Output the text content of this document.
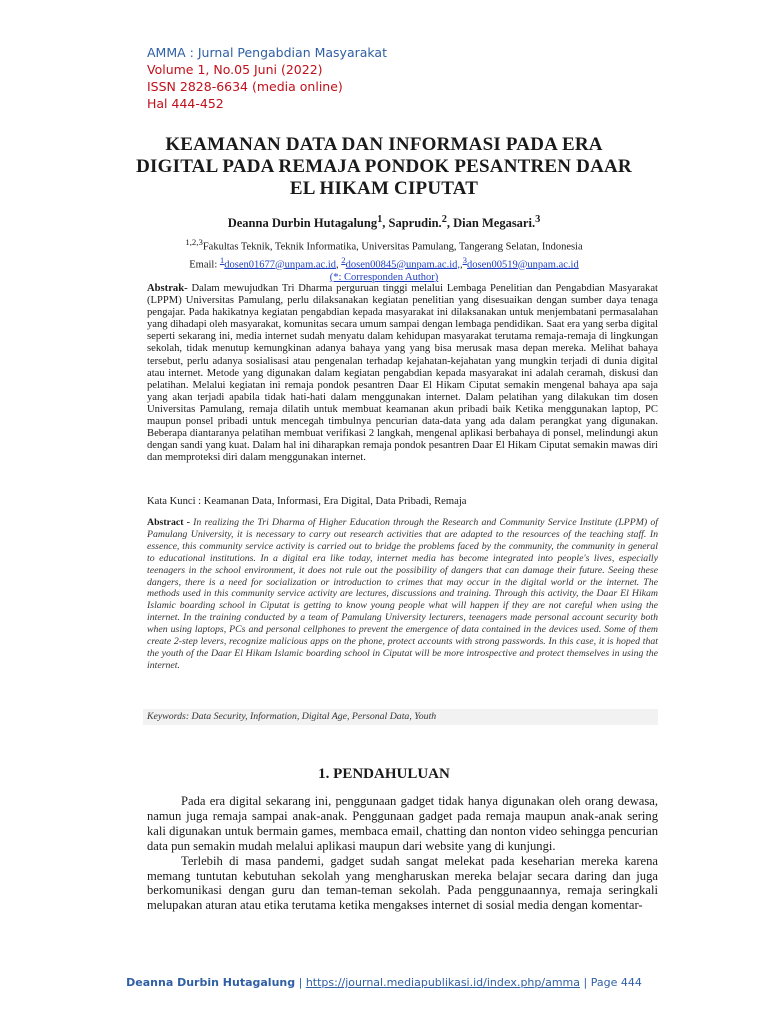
AMMA : Jurnal Pengabdian Masyarakat
Volume 1, No.05 Juni (2022)
ISSN 2828-6634 (media online)
Hal 444-452
KEAMANAN DATA DAN INFORMASI PADA ERA
DIGITAL PADA REMAJA PONDOK PESANTREN DAAR
EL HIKAM CIPUTAT
Deanna Durbin Hutagalung$^1$, Saprudin.$^2$, Dian Megasari.$^3$
$^{1,2,3}$Fakultas Teknik, Teknik Informatika, Universitas Pamulang, Tangerang Selatan, Indonesia
Email: $^1$dosen01677@unpam.ac.id, $^2$dosen00845@unpam.ac.id,,$^3$dosen00519@unpam.ac.id
(*: Corresponden Author)
Abstrak- Dalam mewujudkan Tri Dharma perguruan tinggi melalui Lembaga Penelitian dan Pengabdian Masyarakat (LPPM) Universitas Pamulang, perlu dilaksanakan kegiatan penelitian yang disesuaikan dengan sumber daya tenaga pengajar. Pada hakikatnya kegiatan pengabdian kepada masyarakat ini dilaksanakan untuk menjembatani permasalahan yang dihadapi oleh masyarakat, komunitas secara umum sampai dengan lembaga pendidikan. Saat era yang serba digital seperti sekarang ini, media internet sudah menyatu dalam kehidupan masyarakat terutama remaja-remaja di lingkungan sekolah, tidak menutup kemungkinan adanya bahaya yang yang bisa merusak masa depan mereka. Melihat bahaya tersebut, perlu adanya sosialisasi atau pengenalan terhadap kejahatan-kejahatan yang mungkin terjadi di dunia digital atau internet. Metode yang digunakan dalam kegiatan pengabdian kepada masyarakat ini adalah ceramah, diskusi dan pelatihan. Melalui kegiatan ini remaja pondok pesantren Daar El Hikam Ciputat semakin mengenal bahaya apa saja yang akan terjadi apabila tidak hati-hati dalam menggunakan internet. Dalam pelatihan yang dilakukan tim dosen Universitas Pamulang, remaja dilatih untuk membuat keamanan akun pribadi baik Ketika menggunakan laptop, PC maupun ponsel pribadi untuk mencegah timbulnya pencurian data-data yang ada dalam perangkat yang digunakan. Beberapa diantaranya pelatihan membuat verifikasi 2 langkah, mengenal aplikasi berbahaya di ponsel, melindungi akun dengan sandi yang kuat. Dalam hal ini diharapkan remaja pondok pesantren Daar El Hikam Ciputat semakin mawas diri dan memproteksi diri dalam menggunakan internet.
Kata Kunci : Keamanan Data, Informasi, Era Digital, Data Pribadi, Remaja
Abstract - In realizing the Tri Dharma of Higher Education through the Research and Community Service Institute (LPPM) of Pamulang University, it is necessary to carry out research activities that are adapted to the resources of the teaching staff. In essence, this community service activity is carried out to bridge the problems faced by the community, the community in general to educational institutions. In a digital era like today, internet media has become integrated into people's lives, especially teenagers in the school environment, it does not rule out the possibility of dangers that can damage their future. Seeing these dangers, there is a need for socialization or introduction to crimes that may occur in the digital world or the internet. The methods used in this community service activity are lectures, discussions and training. Through this activity, the Daar El Hikam Islamic boarding school in Ciputat is getting to know young people what will happen if they are not careful when using the internet. In the training conducted by a team of Pamulang University lecturers, teenagers made personal account security both when using laptops, PCs and personal cellphones to prevent the emergence of data contained in the devices used. Some of them create 2-step levers, recognize malicious apps on the phone, protect accounts with strong passwords. In this case, it is hoped that the youth of the Daar El Hikam Islamic boarding school in Ciputat will be more introspective and protect themselves in using the internet.
Keywords: Data Security, Information, Digital Age, Personal Data, Youth
1. PENDAHULUAN

Pada era digital sekarang ini, penggunaan gadget tidak hanya digunakan oleh orang dewasa, namun juga remaja sampai anak-anak. Penggunaan gadget pada remaja maupun anak-anak sering kali digunakan untuk bermain games, membaca email, chatting dan nonton video sehingga pencurian data pun semakin mudah melalui aplikasi maupun dari website yang di kunjungi.

Terlebih di masa pandemi, gadget sudah sangat melekat pada keseharian mereka karena memang tuntutan kebutuhan sekolah yang mengharuskan mereka belajar secara daring dan juga berkomunikasi dengan guru dan teman-teman sekolah. Pada penggunaannya, remaja seringkali melupakan aturan atau etika terutama ketika mengakses internet di sosial media dengan komentar-

Deanna Durbin Hutagalung | https://journal.mediapublikasi.id/index.php/amma | Page 444
